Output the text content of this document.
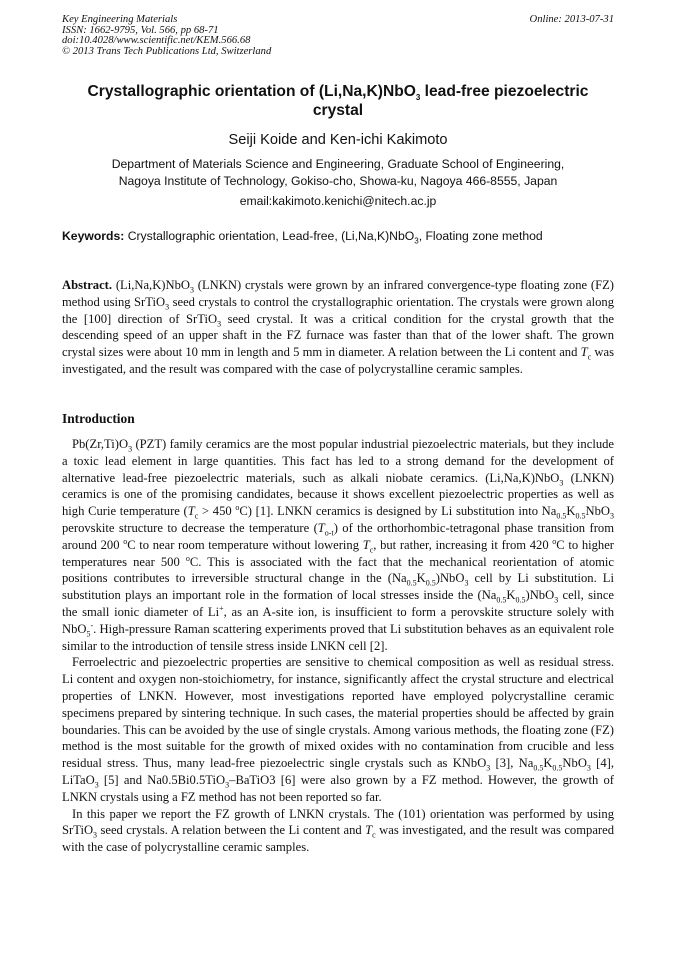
Key Engineering Materials
ISSN: 1662-9795, Vol. 566, pp 68-71
doi:10.4028/www.scientific.net/KEM.566.68
© 2013 Trans Tech Publications Ltd, Switzerland
Online: 2013-07-31
Crystallographic orientation of (Li,Na,K)NbO$_3$ lead-free piezoelectric crystal
Seiji Koide and Ken-ichi Kakimoto
Department of Materials Science and Engineering, Graduate School of Engineering,
Nagoya Institute of Technology, Gokiso-cho, Showa-ku, Nagoya 466-8555, Japan
email:kakimoto.kenichi@nitech.ac.jp
Keywords: Crystallographic orientation, Lead-free, (Li,Na,K)NbO$_3$, Floating zone method

Abstract. (Li,Na,K)NbO$_3$ (LNKN) crystals were grown by an infrared convergence-type floating zone (FZ) method using SrTiO$_3$ seed crystals to control the crystallographic orientation. The crystals were grown along the [100] direction of SrTiO$_3$ seed crystal. It was a critical condition for the crystal growth that the descending speed of an upper shaft in the FZ furnace was faster than that of the lower shaft. The grown crystal sizes were about 10 mm in length and 5 mm in diameter. A relation between the Li content and $T_c$ was investigated, and the result was compared with the case of polycrystalline ceramic samples.

Introduction

$Pb(Zr,Ti)O_3$ (PZT) family ceramics are the most popular industrial piezoelectric materials, but they include a toxic lead element in large quantities. This fact has led to a strong demand for the development of alternative lead-free piezoelectric materials, such as alkali niobate ceramics. (Li,Na,K)NbO$_3$ (LNKN) ceramics is one of the promising candidates, because it shows excellent piezoelectric properties as well as high Curie temperature ($T_c > 450$ $^o$C) [1]. LNKN ceramics is designed by Li substitution into $Na_{0.5}K_{0.5}NbO_3$ perovskite structure to decrease the temperature $(T_{o-t})$ of the orthorhombic-tetragonal phase transition from around 200 $^o$C to near room temperature without lowering $T_c$, but rather, increasing it from 420 $^o$C to higher temperatures near 500 $^o$C. This is associated with the fact that the mechanical reorientation of atomic positions contributes to irreversible structural change in the $(Na_{0.5}K_{0.5})NbO_3$ cell by Li substitution. Li substitution plays an important role in the formation of local stresses inside the $(Na_{0.5}K_{0.5})NbO_3$ cell, since the small ionic diameter of Li+, as an A-site ion, is insufficient to form a perovskite structure solely with NbO$_5$-. High-pressure Raman scattering experiments proved that Li substitution behaves as an equivalent role similar to the introduction of tensile stress inside LNKN cell [2].

Ferroelectric and piezoelectric properties are sensitive to chemical composition as well as residual stress. Li content and oxygen non-stoichiometry, for instance, significantly affect the crystal structure and electrical properties of LNKN. However, most investigations reported have employed polycrystalline ceramic specimens prepared by sintering technique. In such cases, the material properties should be affected by grain boundaries. This can be avoided by the use of single crystals. Among various methods, the floating zone (FZ) method is the most suitable for the growth of mixed oxides with no contamination from crucible and less residual stress. Thus, many lead-free piezoelectric single crystals such as KNbO$_3$ [3], $Na_{0.5}K_{0.5}NbO_3$ [4], LiTaO$_3$ [5] and Na0.5Bi0.5TiO$_3$–BaTiO3 [6] were also grown by a FZ method. However, the growth of LNKN crystals using a FZ method has not been reported so far.

In this paper we report the FZ growth of LNKN crystals. The (101) orientation was performed by using SrTiO$_3$ seed crystals. A relation between the Li content and $T_c$ was investigated, and the result was compared with the case of polycrystalline ceramic samples.
